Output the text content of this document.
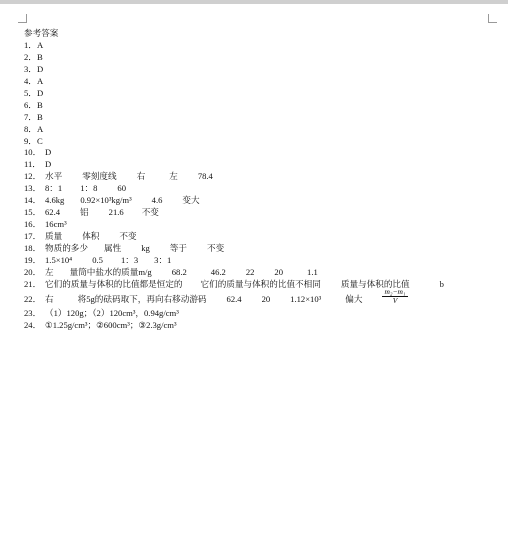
参考答案
1．A
2．B
3．D
4．A
5．D
6．B
7．B
8．A
9．C
10． D
11． D
12． 水平 零刻度线 右	左 78.4
13． 8：1 1：8 60
14． 4.6kg 0.92×10³kg/m³ 4.6 变大
15． 62.4 铝 21.6 不变
16． 16cm³
17． 质量 体积 不变
18． 物质的多少 属性 kg 等于 不变
19． 1.5×10⁴ 0.5 1：3 3：1
20． 左 量筒中盐水的质量m/g 68.2	46.2 22 20	1.1
21． 它们的质量与体积的比值都是恒定的 它们的质量与体积的比值不相同 质量与体积的比值	b
22． 右	将5g的砝码取下，再向右移动游码 62.4 20 1.12×10³	偏大	$\frac{\text{m₂−m₁}}{V}$
23． （1）120g；（2）120cm³，0.94g/cm³
24． ①1.25g/cm³；②600cm³；③2.3g/cm³
